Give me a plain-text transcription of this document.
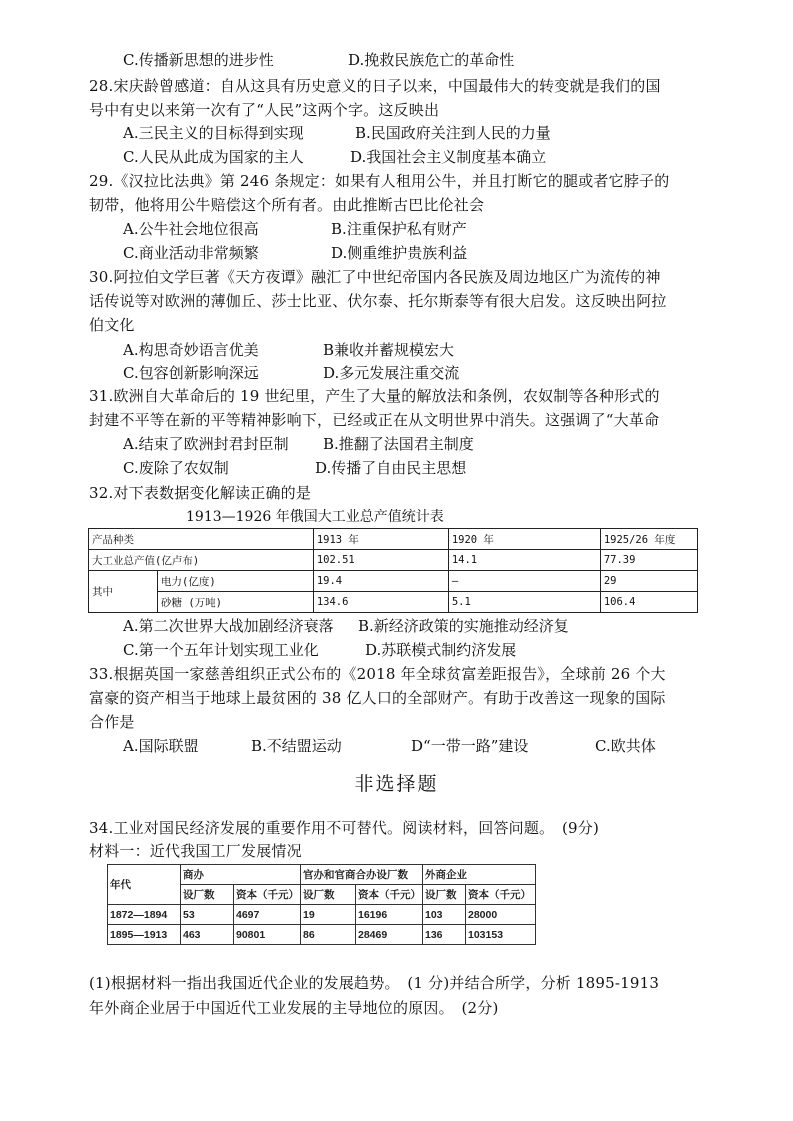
C.传播新思想的进步性	D.挽救民族危亡的革命性
28.宋庆龄曾感道：自从这具有历史意义的日子以来，中国最伟大的转变就是我们的国
号中有史以来第一次有了“人民”这两个字。这反映出
A.三民主义的目标得到实现	B.民国政府关注到人民的力量
C.人民从此成为国家的主人	D.我国社会主义制度基本确立
29.《汉拉比法典》第 246 条规定：如果有人租用公牛，并且打断它的腿或者它脖子的
韧带，他将用公牛赔偿这个所有者。由此推断古巴比伦社会
A.公牛社会地位很高	B.注重保护私有财产
C.商业活动非常频繁	D.侧重维护贵族利益
30.阿拉伯文学巨著《天方夜谭》融汇了中世纪帝国内各民族及周边地区广为流传的神
话传说等对欧洲的薄伽丘、莎士比亚、伏尔泰、托尔斯泰等有很大启发。这反映出阿拉
伯文化
A.构思奇妙语言优美	B兼收并蓄规模宏大
C.包容创新影响深远	D.多元发展注重交流
31.欧洲自大革命后的 19 世纪里，产生了大量的解放法和条例，农奴制等各种形式的
封建不平等在新的平等精神影响下，已经或正在从文明世界中消失。这强调了“大革命
A.结束了欧洲封君封臣制 B.推翻了法国君主制度
C.废除了农奴制	D.传播了自由民主思想
32.对下表数据变化解读正确的是
1913—1926 年俄国大工业总产值统计表
产品种类		1913 年	1920 年	1925/26 年度
大工业总产值(亿卢布)		102.51	14.1	77.39
其中	电力(亿度)	19.4	—	29
	砂糖 (万吨)	134.6	5.1	106.4
A.第二次世界大战加剧经济衰落 B.新经济政策的实施推动经济复
C.第一个五年计划实现工业化	D.苏联模式制约济发展
33.根据英国一家慈善组织正式公布的《2018 年全球贫富差距报告》，全球前 26 个大
富豪的资产相当于地球上最贫困的 38 亿人口的全部财产。有助于改善这一现象的国际
合作是
A.国际联盟	B.不结盟运动	D“一带一路”建设	C.欧共体
非选择题
34.工业对国民经济发展的重要作用不可替代。阅读材料，回答问题。　(9分)
材料一：近代我国工厂发展情况
年代	商办		官办和官商合办设厂数		外商企业	
	设厂数	资本（千元）	设厂数	资本（千元）	设厂数	资本（千元）
1872—1894	53	4697	19	16196	103	28000
1895—1913	463	90801	86	28469	136	103153
(1)根据材料一指出我国近代企业的发展趋势。　(1 分)并结合所学，分析 1895-1913
年外商企业居于中国近代工业发展的主导地位的原因。　(2分)
